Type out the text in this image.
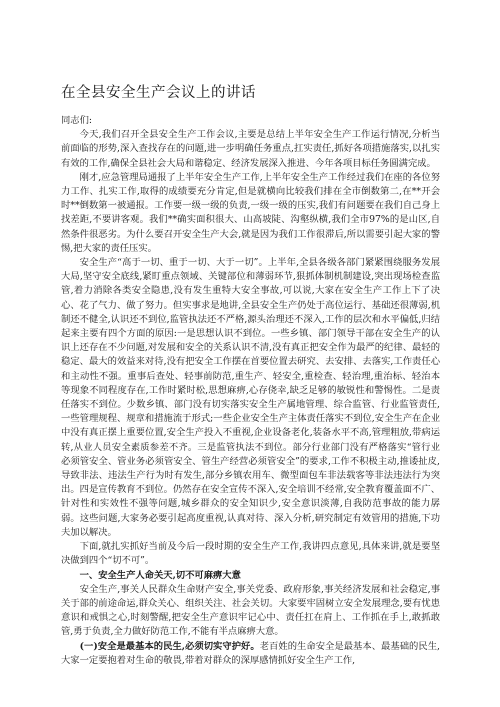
在全县安全生产会议上的讲话

同志们:

今天,我们召开全县安全生产工作会议,主要是总结上半年安全生产工作运行情况,分析当前面临的形势,深入查找存在的问题,进一步明确任务重点,扛实责任,抓好各项措施落实,以扎实有效的工作,确保全县社会大局和谐稳定、经济发展深入推进、今年各项目标任务圆满完成。

刚才,应急管理局通报了上半年安全生产工作,上半年安全生产工作经过我们在座的各位努力工作、扎实工作,取得的成绩要充分肯定,但是就横向比较我们排在全市倒数第二,在**开会时**倒数第一被通报。工作要一级一级的负责,一级一级的压实,我们有问题要在我们自己身上找差距,不要讲客观。我们**确实面积很大、山高坡陡、沟壑纵横,我们全市97%的是山区,自然条件很恶劣。为什么要召开安全生产大会,就是因为我们工作很滞后,所以需要引起大家的警惕,把大家的责任压实。

安全生产“高于一切、重于一切、大于一切”。上半年,全县各级各部门紧紧围绕服务发展大局,坚守安全底线,紧盯重点领域、关键部位和薄弱环节,狠抓体制机制建设,突出现场检查监管,着力消除各类安全隐患,没有发生重特大安全事故,可以说,大家在安全生产工作上下了决心、花了气力、做了努力。但实事求是地讲,全县安全生产仍处于高位运行、基础还很薄弱,机制还不健全,认识还不到位,监管执法还不严格,源头治理还不深入,工作的层次和水平偏低,归结起来主要有四个方面的原因:一是思想认识不到位。一些乡镇、部门领导干部在安全生产的认识上还存在不少问题,对发展和安全的关系认识不清,没有真正把安全作为最严的纪律、最轻的稳定、最大的效益来对待,没有把安全工作摆在首要位置去研究、去安排、去落实,工作责任心和主动性不强。重事后查处、轻事前防范,重生产、轻安全,重检查、轻治理,重治标、轻治本等现象不同程度存在,工作时紧时松,思想麻痹,心存侥幸,缺乏足够的敏锐性和警惕性。二是责任落实不到位。少数乡镇、部门没有切实落实安全生产属地管理、综合监管、行业监管责任,一些管理规程、规章和措施流于形式;一些企业安全生产主体责任落实不到位,安全生产在企业中没有真正摆上重要位置,安全生产投入不重视,企业设备老化,装备水平不高,管理粗放,带病运转,从业人员安全素质参差不齐。三是监管执法不到位。部分行业部门没有严格落实“管行业必须管安全、管业务必须管安全、管生产经营必须管安全”的要求,工作不积极主动,推诿扯皮,导致非法、违法生产行为时有发生,部分乡镇农用车、微型面包车非法载客等非法违法行为突出。四是宣传教育不到位。仍然存在安全宣传不深入,安全培训不经常,安全教育覆盖面不广、针对性和实效性不强等问题,城乡群众的安全知识少,安全意识淡薄,自我防范事故的能力孱弱。这些问题,大家务必要引起高度重视,认真对待、深入分析,研究制定有效管用的措施,下功夫加以解决。

下面,就扎实抓好当前及今后一段时期的安全生产工作,我讲四点意见,具体来讲,就是要坚决做到四个“切不可”。

一、安全生产人命关天,切不可麻痹大意

安全生产,事关人民群众生命财产安全,事关党委、政府形象,事关经济发展和社会稳定,事关于部的前途命运,群众关心、组织关注、社会关切。大家要牢固树立安全发展理念,要有忧患意识和戒惧之心,时刻警醒,把安全生产意识牢记心中、责任扛在肩上、工作抓在手上,敢抓敢管,勇于负责,全力做好防范工作,不能有半点麻痹大意。

(一)安全是最基本的民生,必须切实守护好。老百姓的生命安全是最基本、最基础的民生,大家一定要抱着对生命的敬畏,带着对群众的深厚感情抓好安全生产工作,
